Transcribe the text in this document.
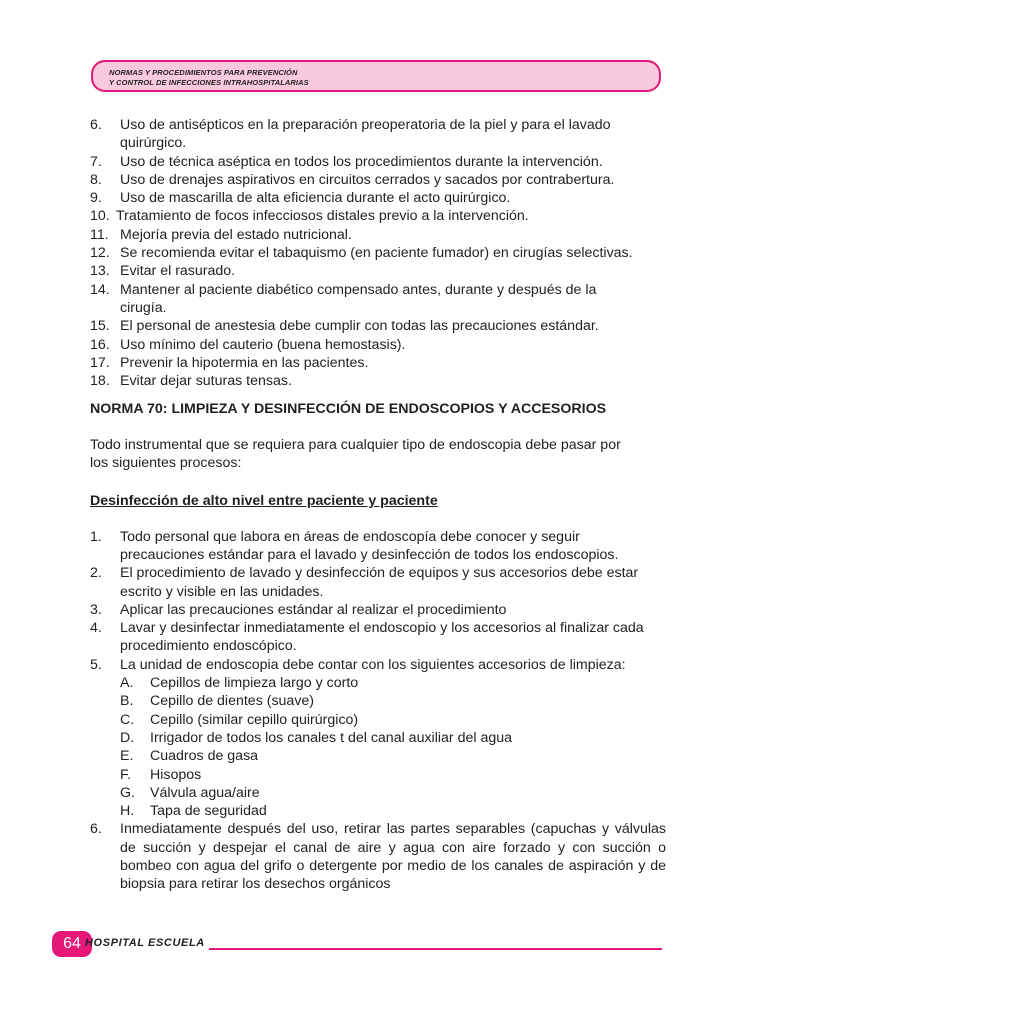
NORMAS Y PROCEDIMIENTOS PARA PREVENCIÓN
Y CONTROL DE INFECCIONES INTRAHOSPITALARIAS
6.	Uso de antisépticos en la preparación preoperatoria de la piel y para el lavado
quirúrgico.
7.	Uso de técnica aséptica en todos los procedimientos durante la intervención.
8.	Uso de drenajes aspirativos en circuitos cerrados y sacados por contrabertura.
9.	Uso de mascarilla de alta eficiencia durante el acto quirúrgico.
10. Tratamiento de focos infecciosos distales previo a la intervención.
11. Mejoría previa del estado nutricional.
12. Se recomienda evitar el tabaquismo (en paciente fumador) en cirugías selectivas.
13. Evitar el rasurado.
14. Mantener al paciente diabético compensado antes, durante y después de la
cirugía.
15. El personal de anestesia debe cumplir con todas las precauciones estándar.
16. Uso mínimo del cauterio (buena hemostasis).
17. Prevenir la hipotermia en las pacientes.
18. Evitar dejar suturas tensas.
NORMA 70: LIMPIEZA Y DESINFECCIÓN DE ENDOSCOPIOS Y ACCESORIOS
Todo instrumental que se requiera para cualquier tipo de endoscopia debe pasar por
los siguientes procesos:
Desinfección de alto nivel entre paciente y paciente
1.	Todo personal que labora en áreas de endoscopía debe conocer y seguir
precauciones estándar para el lavado y desinfección de todos los endoscopios.
2.	El procedimiento de lavado y desinfección de equipos y sus accesorios debe estar
escrito y visible en las unidades.
3.	Aplicar las precauciones estándar al realizar el procedimiento
4.	Lavar y desinfectar inmediatamente el endoscopio y los accesorios al finalizar cada
procedimiento endoscópico.
5.	La unidad de endoscopia debe contar con los siguientes accesorios de limpieza:
A.	Cepillos de limpieza largo y corto
B.	Cepillo de dientes (suave)
C.	Cepillo (similar cepillo quirúrgico)
D.	Irrigador de todos los canales t del canal auxiliar del agua
E.	Cuadros de gasa
F.	Hisopos
G.	Válvula agua/aire
H.	Tapa de seguridad
6.	Inmediatamente después del uso, retirar las partes separables (capuchas y válvulas de succión y despejar el canal de aire y agua con aire forzado y con succión o bombeo con agua del grifo o detergente por medio de los canales de aspiración y de biopsia para retirar los desechos orgánicos
64 HOSPITAL ESCUELA
